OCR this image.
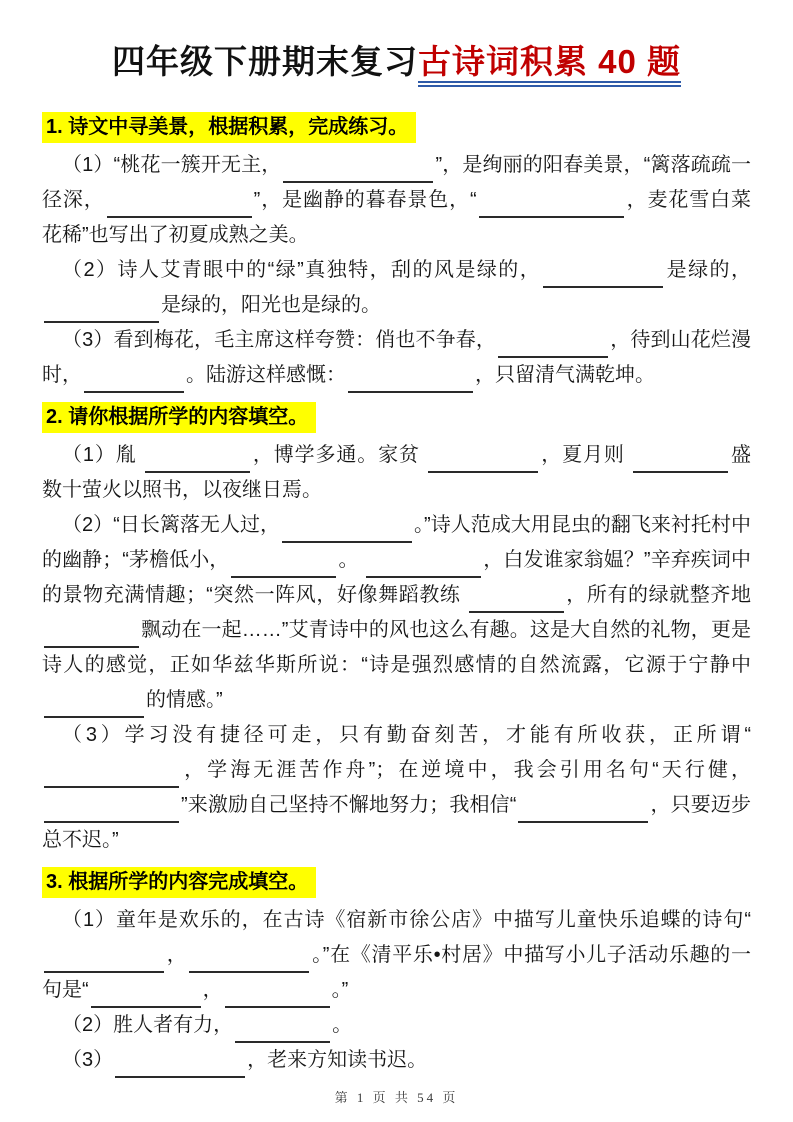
四年级下册期末复习古诗词积累 40 题
1. 诗文中寻美景，根据积累，完成练习。

（1）“桃花一簇开无主，	”，是绚丽的阳春美景，“篱落疏疏一径深，	”，是幽静的暮春景色，“	，麦花雪白菜花稀”也写出了初夏成熟之美。

（2）诗人艾青眼中的“绿”真独特，刮的风是绿的，	是绿的，是绿的，阳光也是绿的。

（3）看到梅花，毛主席这样夸赞：俏也不争春，	，待到山花烂漫时，	。陆游这样感慨：	，只留清气满乾坤。

2. 请你根据所学的内容填空。

（1）胤	，博学多通。家贫	，夏月则	盛数十萤火以照书，以夜继日焉。

（2）“日长篱落无人过，	。”诗人范成大用昆虫的翻飞来衬托村中的幽静；“茅檐低小，	。	，白发谁家翁媪？”辛弃疾词中的景物充满情趣；“突然一阵风，好像舞蹈教练	，所有的绿就整齐地 飘动在一起……”艾青诗中的风也这么有趣。这是大自然的礼物，更是诗人的感觉，正如华兹华斯所说：“诗是强烈感情的自然流露，它源于宁静中 的情感。”

（3）学习没有捷径可走，只有勤奋刻苦，才能有所收获，正所谓“，学海无涯苦作舟”；在逆境中，我会引用名句“天行健，”来激励自己坚持不懈地努力；我相信“	，只要迈步总不迟。”

3. 根据所学的内容完成填空。

（1）童年是欢乐的，在古诗《宿新市徐公店》中描写儿童快乐追蝶的诗句“，	。”在《清平乐•村居》中描写小儿子活动乐趣的一句是“	，	。”

（2）胜人者有力，	。

（3）	，老来方知读书迟。

第 1 页 共 54 页
